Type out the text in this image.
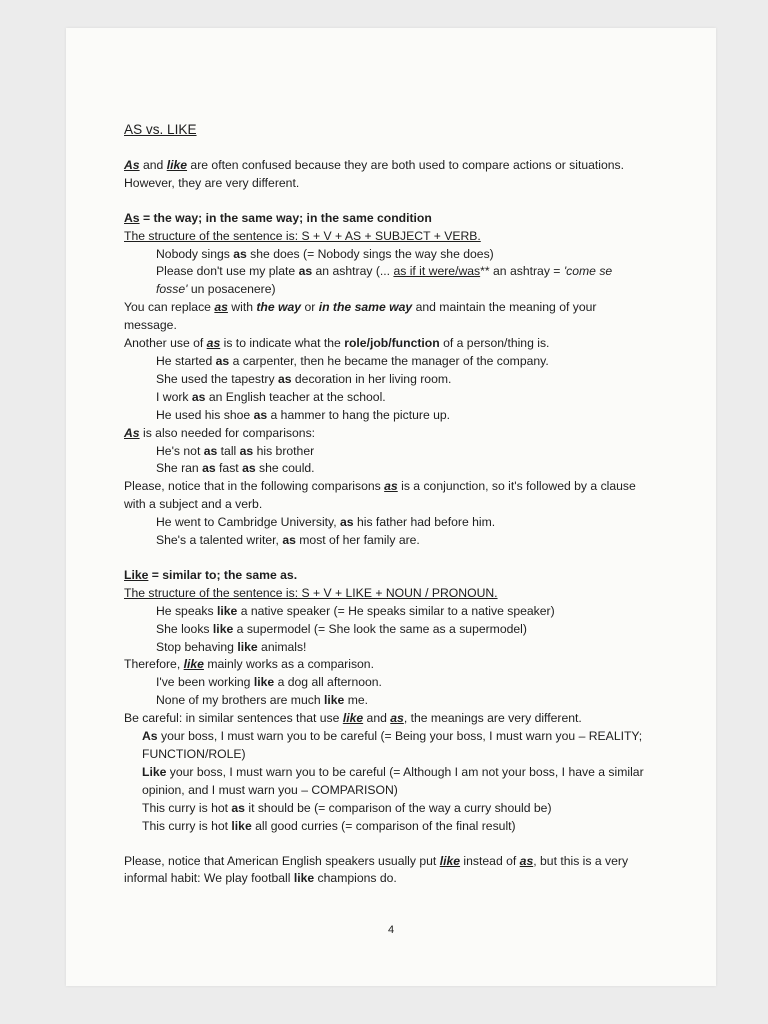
AS vs. LIKE

As and like are often confused because they are both used to compare actions or situations. However, they are very different.

As = the way; in the same way; in the same condition

The structure of the sentence is: S + V + AS + SUBJECT + VERB.

Nobody sings as she does (= Nobody sings the way she does)

Please don't use my plate as an ashtray (... as if it were/was** an ashtray = 'come se fosse' un posacenere)

You can replace as with the way or in the same way and maintain the meaning of your message.

Another use of as is to indicate what the role/job/function of a person/thing is.

He started as a carpenter, then he became the manager of the company.

She used the tapestry as decoration in her living room.

I work as an English teacher at the school.

He used his shoe as a hammer to hang the picture up.

As is also needed for comparisons:

He's not as tall as his brother

She ran as fast as she could.

Please, notice that in the following comparisons as is a conjunction, so it's followed by a clause with a subject and a verb.

He went to Cambridge University, as his father had before him.

She's a talented writer, as most of her family are.

Like = similar to; the same as.

The structure of the sentence is: S + V + LIKE + NOUN / PRONOUN.

He speaks like a native speaker (= He speaks similar to a native speaker)

She looks like a supermodel (= She look the same as a supermodel)

Stop behaving like animals!

Therefore, like mainly works as a comparison.

I've been working like a dog all afternoon.

None of my brothers are much like me.

Be careful: in similar sentences that use like and as, the meanings are very different.

As your boss, I must warn you to be careful (= Being your boss, I must warn you – REALITY; FUNCTION/ROLE)

Like your boss, I must warn you to be careful (= Although I am not your boss, I have a similar opinion, and I must warn you – COMPARISON)

This curry is hot as it should be (= comparison of the way a curry should be)

This curry is hot like all good curries (= comparison of the final result)

Please, notice that American English speakers usually put like instead of as, but this is a very informal habit: We play football like champions do.

4
